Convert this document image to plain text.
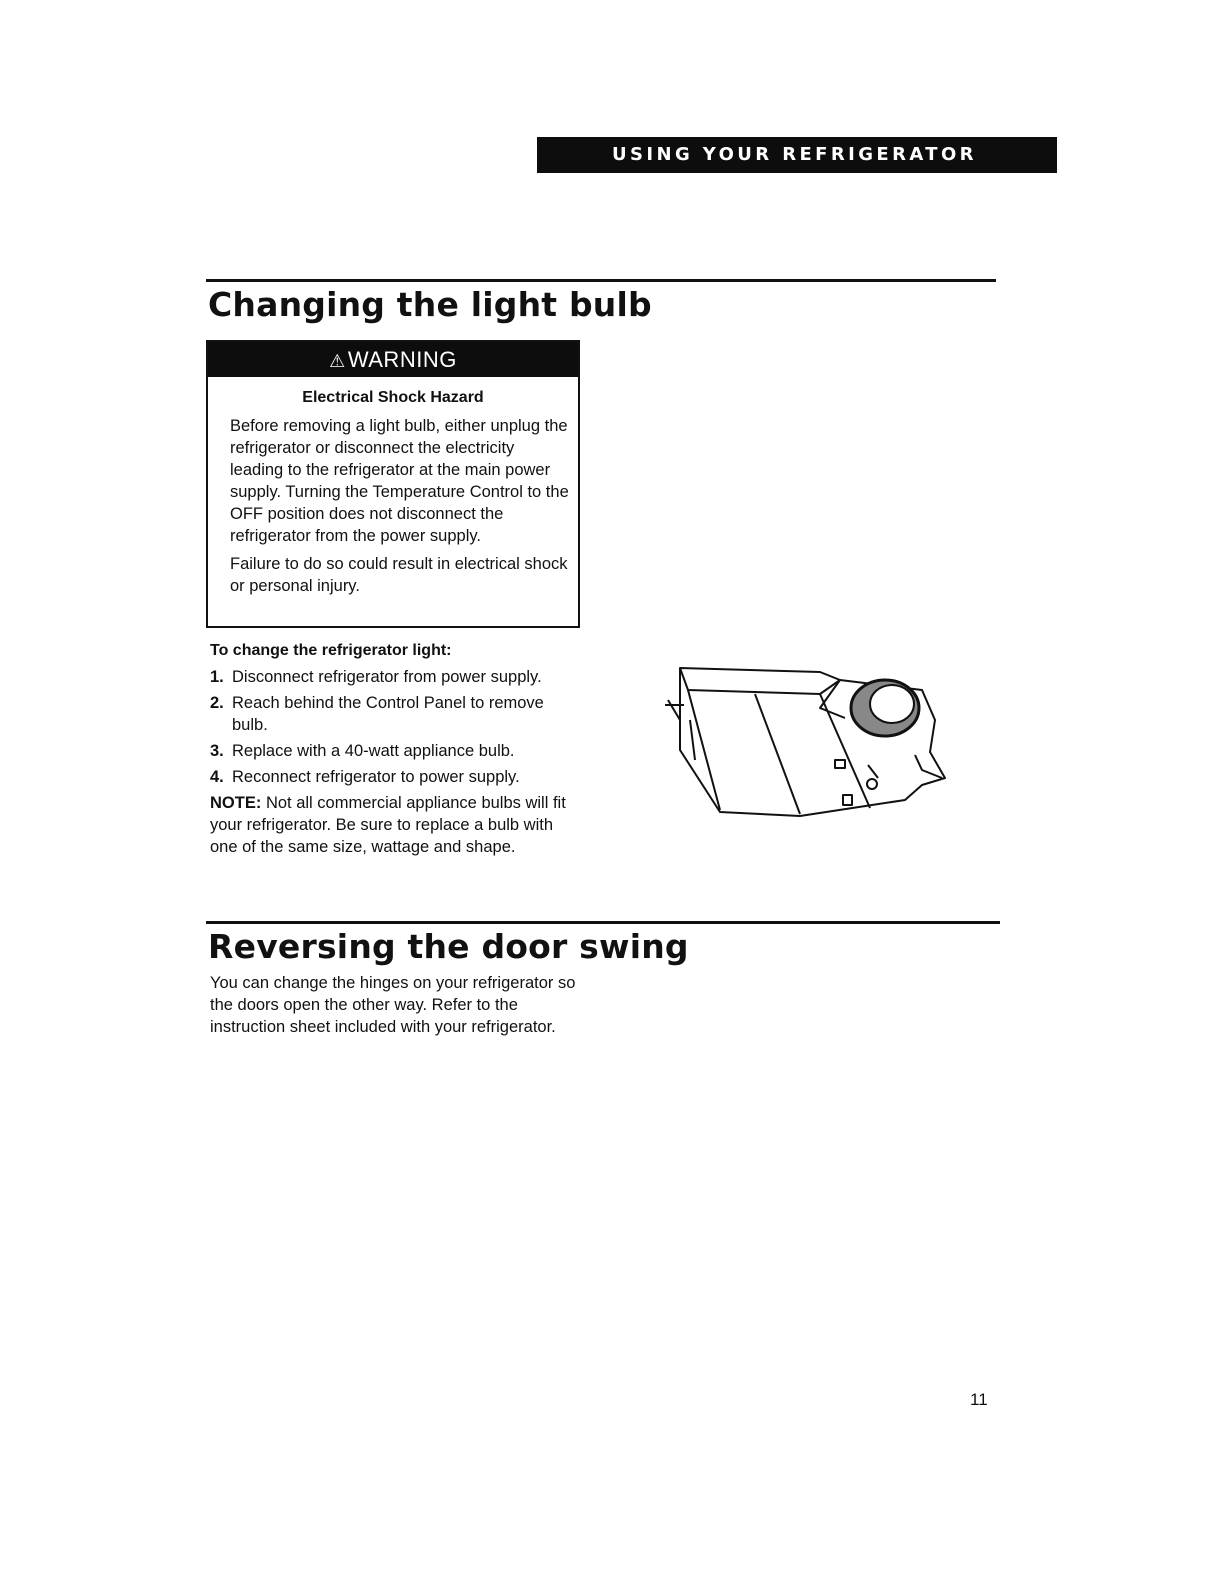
USING YOUR REFRIGERATOR
Changing the light bulb
⚠WARNING
Electrical Shock Hazard

Before removing a light bulb, either unplug the refrigerator or disconnect the electricity leading to the refrigerator at the main power supply. Turning the Temperature Control to the OFF position does not disconnect the refrigerator from the power supply.

Failure to do so could result in electrical shock or personal injury.

To change the refrigerator light:
1. Disconnect refrigerator from power supply.
2. Reach behind the Control Panel to remove bulb.
3. Replace with a 40-watt appliance bulb.
4. Reconnect refrigerator to power supply.
NOTE: Not all commercial appliance bulbs will fit your refrigerator. Be sure to replace a bulb with one of the same size, wattage and shape.
Reversing the door swing
You can change the hinges on your refrigerator so the doors open the other way. Refer to the instruction sheet included with your refrigerator.
11
